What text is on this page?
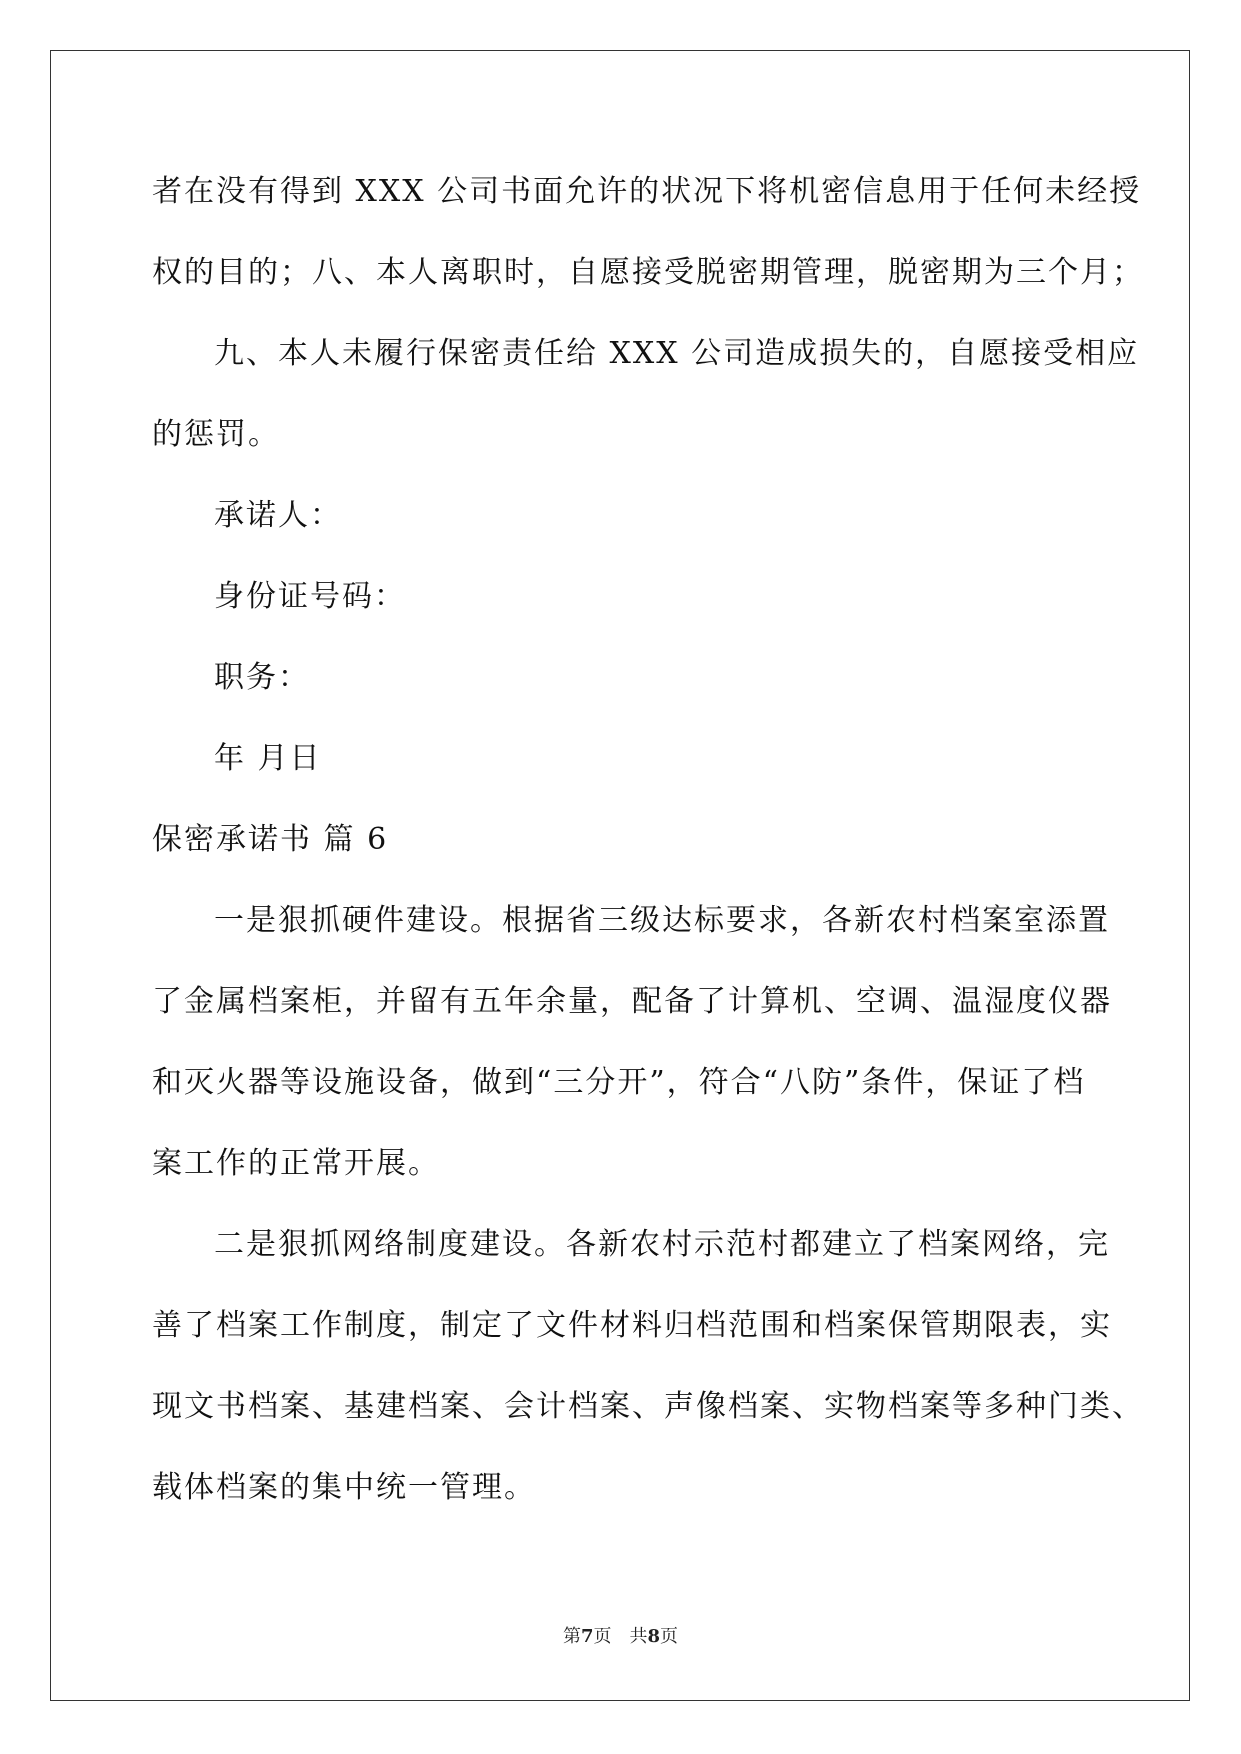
者在没有得到 XXX 公司书面允许的状况下将机密信息用于任何未经授
权的目的；八、本人离职时，自愿接受脱密期管理，脱密期为三个月；
九、本人未履行保密责任给 XXX 公司造成损失的，自愿接受相应
的惩罚。
承诺人：
身份证号码：
职务：
年 月日
保密承诺书 篇 6
一是狠抓硬件建设。根据省三级达标要求，各新农村档案室添置
了金属档案柜，并留有五年余量，配备了计算机、空调、温湿度仪器
和灭火器等设施设备，做到“三分开”，符合“八防”条件，保证了档
案工作的正常开展。
二是狠抓网络制度建设。各新农村示范村都建立了档案网络，完
善了档案工作制度，制定了文件材料归档范围和档案保管期限表，实
现文书档案、基建档案、会计档案、声像档案、实物档案等多种门类、
载体档案的集中统一管理。
第7页 共8页
